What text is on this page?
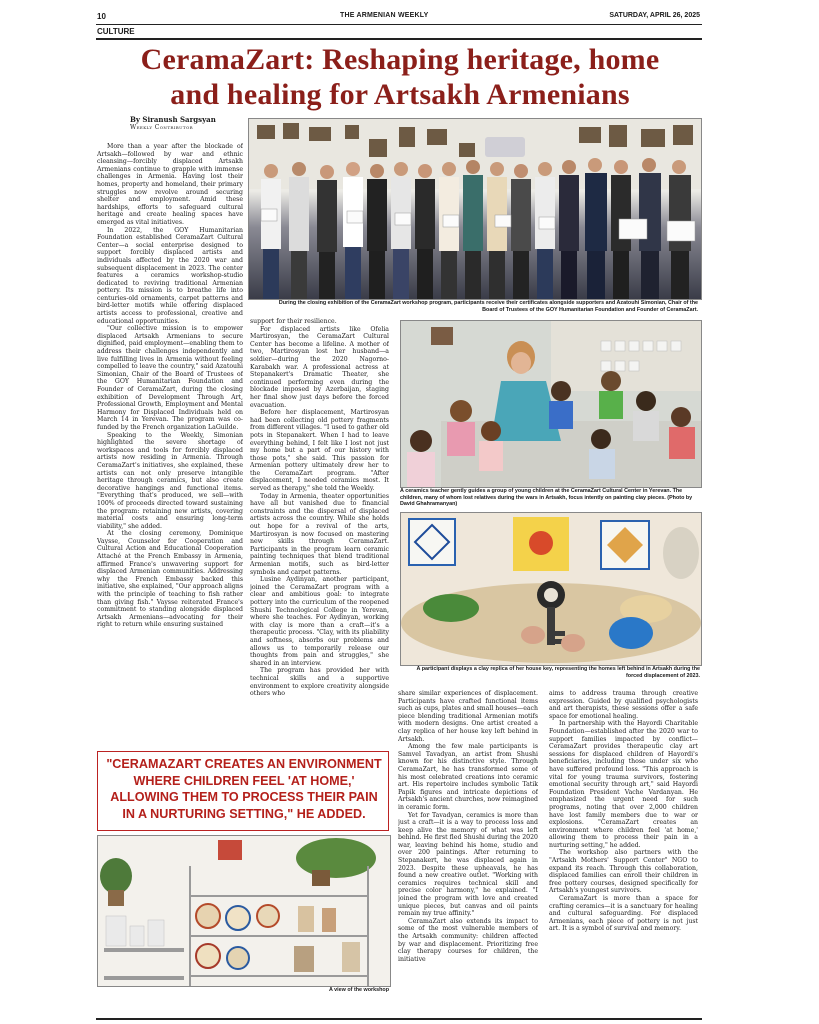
10	THE ARMENIAN WEEKLY	SATURDAY, APRIL 26, 2025
CULTURE
CeramaZart: Reshaping heritage, home
and healing for Artsakh Armenians
By Siranush Sargsyan
Weekly Contributor

More than a year after the blockade of Artsakh—followed by war and ethnic cleansing—forcibly displaced Artsakh Armenians continue to grapple with immense challenges in Armenia. Having lost their homes, property and homeland, their primary struggles now revolve around securing shelter and employment. Amid these hardships, efforts to safeguard cultural heritage and create healing spaces have emerged as vital initiatives.

In 2022, the GOY Humanitarian Foundation established CeramaZart Cultural Center—a social enterprise designed to support forcibly displaced artists and individuals affected by the 2020 war and subsequent displacement in 2023. The center features a ceramics workshop-studio dedicated to reviving traditional Armenian pottery. Its mission is to breathe life into centuries-old ornaments, carpet patterns and bird-letter motifs while offering displaced artists access to professional, creative and educational opportunities.

"Our collective mission is to empower displaced Artsakh Armenians to secure dignified, paid employment—enabling them to address their challenges independently and live fulfilling lives in Armenia without feeling compelled to leave the country," said Azatouhi Simonian, Chair of the Board of Trustees of the GOY Humanitarian Foundation and Founder of CeramaZart, during the closing exhibition of Development Through Art, Professional Growth, Employment and Mental Harmony for Displaced Individuals held on March 14 in Yerevan. The program was co-funded by the French organization LaGuilde.

Speaking to the Weekly, Simonian highlighted the severe shortage of workspaces and tools for forcibly displaced artists now residing in Armenia. Through CeramaZart's initiatives, she explained, these artists can not only preserve intangible heritage through ceramics, but also create decorative hangings and functional items. "Everything that's produced, we sell—with 100% of proceeds directed toward sustaining the program: retaining new artists, covering material costs and ensuring long-term viability," she added.

At the closing ceremony, Dominique Vaysse, Counselor for Cooperation and Cultural Action and Educational Cooperation Attaché at the French Embassy in Armenia, affirmed France's unwavering support for displaced Armenian communities. Addressing why the French Embassy backed this initiative, she explained, "Our approach aligns with the principle of teaching to fish rather than giving fish." Vaysse reiterated France's commitment to standing alongside displaced Artsakh Armenians—advocating for their right to return while ensuring sustained

support for their resilience.

For displaced artists like Ofelia Martirosyan, the CeramaZart Cultural Center has become a lifeline. A mother of two, Martirosyan lost her husband—a soldier—during the 2020 Nagorno-Karabakh war. A professional actress at Stepanakert's Dramatic Theater, she continued performing even during the blockade imposed by Azerbaijan, staging her final show just days before the forced evacuation.

Before her displacement, Martirosyan had been collecting old pottery fragments from different villages. "I used to gather old pots in Stepanakert. When I had to leave everything behind, I felt like I lost not just my home but a part of our history with those pots," she said. This passion for Armenian pottery ultimately drew her to the CeramaZart program. "After displacement, I needed ceramics most. It served as therapy," she told the Weekly.

Today in Armenia, theater opportunities have all but vanished due to financial constraints and the dispersal of displaced artists across the country. While she holds out hope for a revival of the arts, Martirosyan is now focused on mastering new skills through CeramaZart. Participants in the program learn ceramic painting techniques that blend traditional Armenian motifs, such as bird-letter symbols and carpet patterns.

Lusine Aydinyan, another participant, joined the CeramaZart program with a clear and ambitious goal: to integrate pottery into the curriculum of the reopened Shushi Technological College in Yerevan, where she teaches. For Aydinyan, working with clay is more than a craft—it's a therapeutic process. "Clay, with its pliability and softness, absorbs our problems and allows us to temporarily release our thoughts from pain and struggles," she shared in an interview.

The program has provided her with technical skills and a supportive environment to explore creativity alongside others who

During the closing exhibition of the CeramaZart workshop program, participants receive their certificates alongside supporters and Azatouhi Simonian, Chair of the Board of Trustees of the GOY Humanitarian Foundation and Founder of CeramaZart.
A ceramics teacher gently guides a group of young children at the CeramaZart Cultural Center in Yerevan. The children, many of whom lost relatives during the wars in Artsakh, focus intently on painting clay pieces. (Photo by David Ghahramanyan)
A participant displays a clay replica of her house key, representing the homes left behind in Artsakh during the forced displacement of 2023.
"CERAMAZART CREATES AN ENVIRONMENT WHERE CHILDREN FEEL 'AT HOME,' ALLOWING THEM TO PROCESS THEIR PAIN IN A NURTURING SETTING," HE ADDED.
A view of the workshop

share similar experiences of displacement. Participants have crafted functional items such as cups, plates and small houses—each piece blending traditional Armenian motifs with modern designs. One artist created a clay replica of her house key left behind in Artsakh.

Among the few male participants is Samvel Tavadyan, an artist from Shushi known for his distinctive style. Through CeramaZart, he has transformed some of his most celebrated creations into ceramic art. His repertoire includes symbolic Tatik Papik figures and intricate depictions of Artsakh's ancient churches, now reimagined in ceramic form.

Yet for Tavadyan, ceramics is more than just a craft—it is a way to process loss and keep alive the memory of what was left behind. He first fled Shushi during the 2020 war, leaving behind his home, studio and over 200 paintings. After returning to Stepanakert, he was displaced again in 2023. Despite these upheavals, he has found a new creative outlet. "Working with ceramics requires technical skill and precise color harmony," he explained. "I joined the program with love and created unique pieces, but canvas and oil paints remain my true affinity."

CeramaZart also extends its impact to some of the most vulnerable members of the Artsakh community: children affected by war and displacement. Prioritizing free clay therapy courses for children, the initiative

aims to address trauma through creative expression. Guided by qualified psychologists and art therapists, these sessions offer a safe space for emotional healing.

In partnership with the Hayordi Charitable Foundation—established after the 2020 war to support families impacted by conflict—CeramaZart provides therapeutic clay art sessions for displaced children of Hayordi's beneficiaries, including those under six who have suffered profound loss. "This approach is vital for young trauma survivors, fostering emotional security through art," said Hayordi Foundation President Vache Vardanyan. He emphasized the urgent need for such programs, noting that over 2,000 children have lost family members due to war or explosions. "CeramaZart creates an environment where children feel 'at home,' allowing them to process their pain in a nurturing setting," he added.

The workshop also partners with the "Artsakh Mothers' Support Center" NGO to expand its reach. Through this collaboration, displaced families can enroll their children in free pottery courses, designed specifically for Artsakh's youngest survivors.

CeramaZart is more than a space for crafting ceramics—it is a sanctuary for healing and cultural safeguarding. For displaced Armenians, each piece of pottery is not just art. It is a symbol of survival and memory.
